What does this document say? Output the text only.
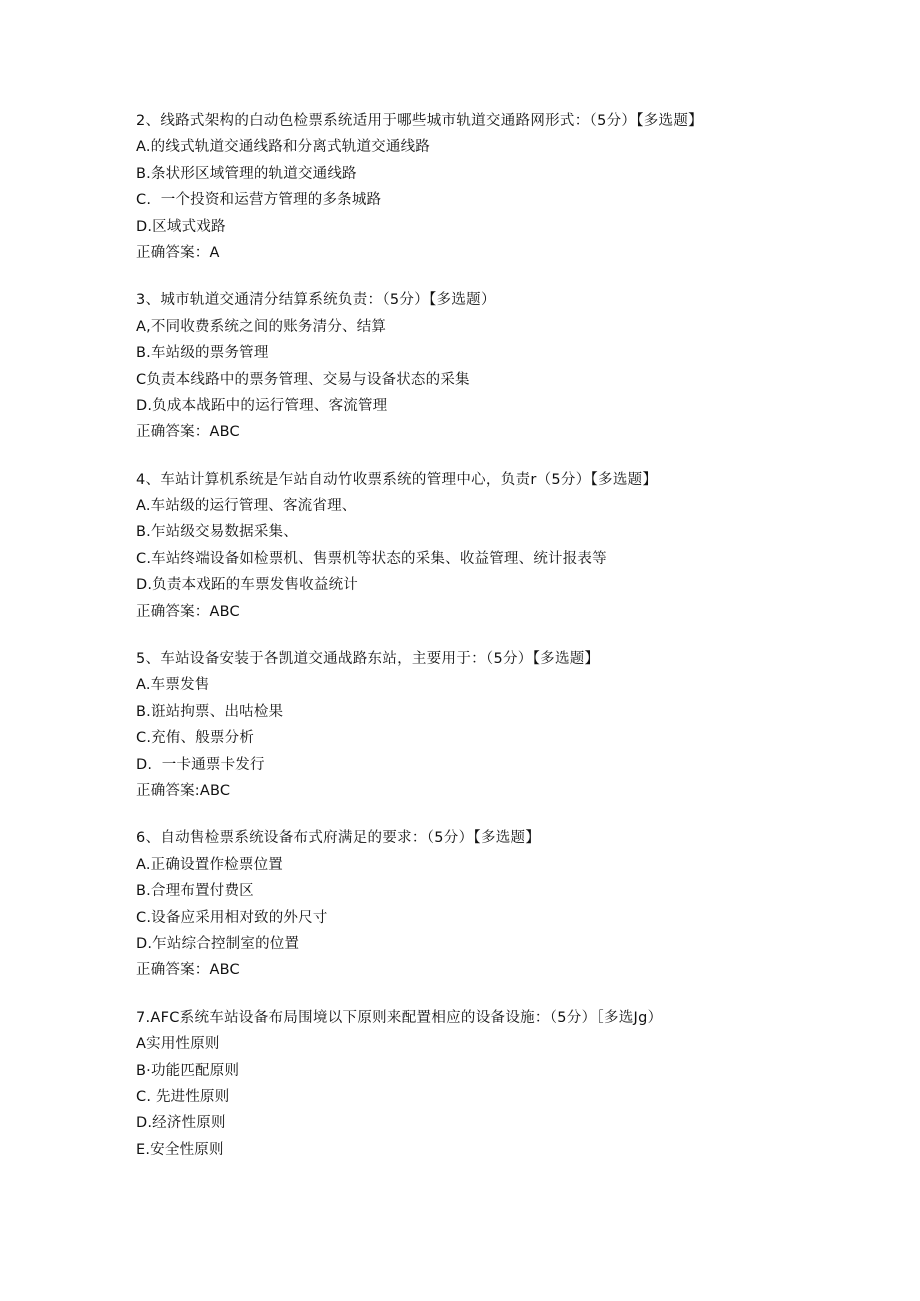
2、线路式架构的白动色检票系统适用于哪些城市轨道交通路网形式：（5分）【多选题】
A.的线式轨道交通线路和分离式轨道交通线路
B.条状形区域管理的轨道交通线路
C.  一个投资和运营方管理的多条城路
D.区域式戏路
正确答案：A
3、城市轨道交通清分结算系统负责：（5分）【多选题）
A,不同收费系统之间的账务清分、结算
B.车站级的票务管理
C负责本线路中的票务管理、交易与设备状态的采集
D.负成本战跖中的运行管理、客流管理
正确答案：ABC
4、车站计算机系统是乍站自动竹收票系统的管理中心，负责r（5分）【多选题】
A.车站级的运行管理、客流省理、
B.乍站级交易数据采集、
C.车站终端设备如检票机、售票机等状态的采集、收益管理、统计报表等
D.负责本戏跖的车票发售收益统计
正确答案：ABC
5、车站设备安装于各凯道交通战路东站，主要用于：（5分）【多选题】
A.车票发售
B.诳站拘票、出咕检果
C.充侑、般票分析
D.  一卡通票卡发行
正确答案:ABC
6、自动售检票系统设备布式府满足的要求：（5分）【多选题】
A.正确设置作检票位置
B.合理布置付费区
C.设备应采用相对致的外尺寸
D.乍站综合控制室的位置
正确答案：ABC
7.AFC系统车站设备布局围境以下原则来配置相应的设备设施：（5分）［多选Jg）
A实用性原则
B·功能匹配原则
C. 先进性原则
D.经济性原则
E.安全性原则
